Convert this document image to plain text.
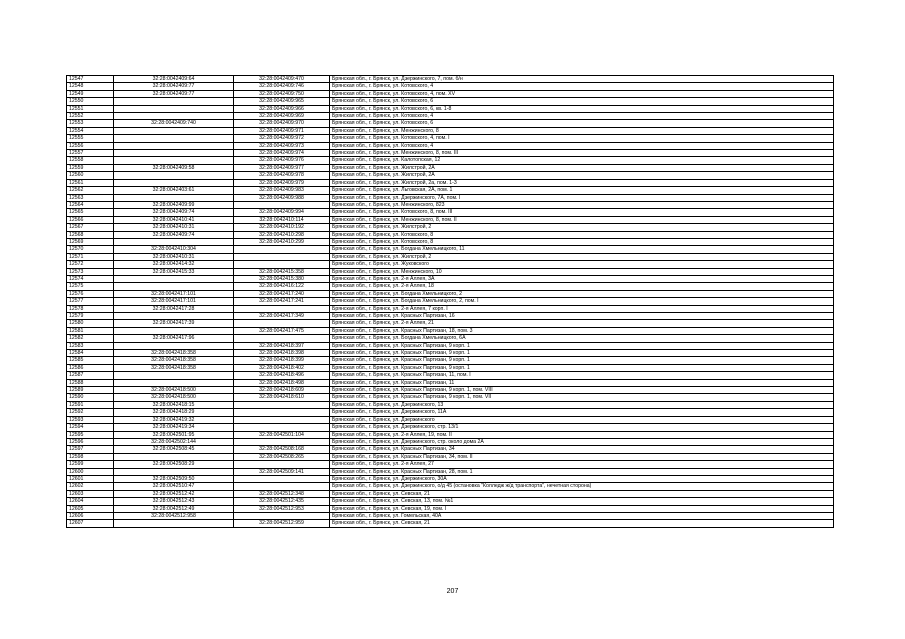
12547	32:28:0042409:64	32:28:0042409:470	Брянская обл., г. Брянск, ул. Дзержинского, 7, пом. б/н
12548	32:28:0042409:77	32:28:0042409:746	Брянская обл., г. Брянск, ул. Котовского, 4
12549	32:28:0042409:77	32:28:0042409:750	Брянская обл., г. Брянск, ул. Котовского, 4, пом. XV
12550		32:28:0042409:965	Брянская обл., г. Брянск, ул. Котовского, 6
12551		32:28:0042409:966	Брянская обл., г. Брянск, ул. Котовского, 6, кв. 1-8
12552		32:28:0042409:969	Брянская обл., г. Брянск, ул. Котовского, 4
12553	32:28:0042409:740	32:28:0042409:970	Брянская обл., г. Брянск, ул. Котовского, 6
12554		32:28:0042409:971	Брянская обл., г. Брянск, ул. Менжинского, 8
12555		32:28:0042409:972	Брянская обл., г. Брянск, ул. Котовского, 4, пом. I
12556		32:28:0042409:973	Брянская обл., г. Брянск, ул. Котовского, 4
12557		32:28:0042409:974	Брянская обл., г. Брянск, ул. Менжинского, 8, пом. III
12558		32:28:0042409:976	Брянская обл., г. Брянск, ул. Калотопская, 12
12559	32:28:0042409:58	32:28:0042409:977	Брянская обл., г. Брянск, ул. Жилстрой, 2А
12560		32:28:0042409:978	Брянская обл., г. Брянск, ул. Жилстрой, 2А
12561		32:28:0042409:979	Брянская обл., г. Брянск, ул. Жилстрой, 2а, пом. 1-3
12562	32:28:0042403:61	32:28:0042409:983	Брянская обл., г. Брянск, ул. Льговская, 2А, пом. 1
12563		32:28:0042409:988	Брянская обл., г. Брянск, ул. Дзержинского, 7А, пом. I
12564	32:28:0042409:99		Брянская обл., г. Брянск, ул. Менжинского, 823
12565	32:28:0042409:74	32:28:0042409:994	Брянская обл., г. Брянск, ул. Котовского, 8, пом. III
12566	32:28:0042410:41	32:28:0042410:114	Брянская обл., г. Брянск, ул. Менжинского, 8, пом. II
12567	32:28:0042410:31	32:28:0042410:192	Брянская обл., г. Брянск, ул. Жилстрой, 2
12568	32:28:0042409:74	32:28:0042410:298	Брянская обл., г. Брянск, ул. Котовского, 8
12569		32:28:0042410:299	Брянская обл., г. Брянск, ул. Котовского, 8
12570	32:28:0042410:304		Брянская обл., г. Брянск, ул. Богдана Хмельницкого, 11
12571	32:28:0042410:31		Брянская обл., г. Брянск, ул. Жилстрой, 2
12572	32:28:0042414:32		Брянская обл., г. Брянск, ул. Жуковского
12573	32:28:0042415:33	32:28:0042415:358	Брянская обл., г. Брянск, ул. Менжинского, 10
12574		32:28:0042415:380	Брянская обл., г. Брянск, ул. 2-я Аллея, 3А
12575		32:28:0042416:122	Брянская обл., г. Брянск, ул. 2-я Аллея, 18
12576	32:28:0042417:101	32:28:0042417:240	Брянская обл., г. Брянск, ул. Богдана Хмельницкого, 2
12577	32:28:0042417:101	32:28:0042417:241	Брянская обл., г. Брянск, ул. Богдана Хмельницкого, 2, пом. I
12578	32:28:0042417:28		Брянская обл., г. Брянск, ул. 2-я Аллея, 7 корп. I
12579		32:28:0042417:349	Брянская обл., г. Брянск, ул. Красных Партизан, 16
12580	32:28:0042417:39		Брянская обл., г. Брянск, ул. 2-я Аллея, 21
12581		32:28:0042417:475	Брянская обл., г. Брянск, ул. Красных Партизан, 18, пом. 3
12582	32:28:0042417:96		Брянская обл., г. Брянск, ул. Богдана Хмельницкого, 6А
12583		32:28:0042418:397	Брянская обл., г. Брянск, ул. Красных Партизан, 9 корп. 1
12584	32:28:0042418:358	32:28:0042418:398	Брянская обл., г. Брянск, ул. Красных Партизан, 9 корп. 1
12585	32:28:0042418:358	32:28:0042418:399	Брянская обл., г. Брянск, ул. Красных Партизан, 9 корп. 1
12586	32:28:0042418:358	32:28:0042418:402	Брянская обл., г. Брянск, ул. Красных Партизан, 9 корп. 1
12587		32:28:0042418:496	Брянская обл., г. Брянск, ул. Красных Партизан, 11, пом. I
12588		32:28:0042418:498	Брянская обл., г. Брянск, ул. Красных Партизан, 11
12589	32:28:0042418:500	32:28:0042418:609	Брянская обл., г. Брянск, ул. Красных Партизан, 9 корп. 1, пом. VIII
12590	32:28:0042418:500	32:28:0042418:610	Брянская обл., г. Брянск, ул. Красных Партизан, 9 корп. 1, пом. VII
12591	32:28:0042418:15		Брянская обл., г. Брянск, ул. Дзержинского, 13
12592	32:28:0042418:29		Брянская обл., г. Брянск, ул. Дзержинского, 11А
12593	32:28:0042419:32		Брянская обл., г. Брянск, ул. Дзержинского
12594	32:28:0042419:34		Брянская обл., г. Брянск, ул. Дзержинского, стр. 13/1
12595	32:28:0042501:95	32:28:0042501:104	Брянская обл., г. Брянск, ул. 2-я Аллея, 19, пом. II
12596	32:28:0042502:144		Брянская обл., г. Брянск, ул. Дзержинского, стр. около дома 2А
12597	32:28:0042508:45	32:28:0042508:168	Брянская обл., г. Брянск, ул. Красных Партизан, 34
12598		32:28:0042508:265	Брянская обл., г. Брянск, ул. Красных Партизан, 34, пом. II
12599	32:28:0042508:29		Брянская обл., г. Брянск, ул. 2-я Аллея, 27
12600		32:28:0042509:141	Брянская обл., г. Брянск, ул. Красных Партизан, 28, пом. 1
12601	32:28:0042509:50		Брянская обл., г. Брянск, ул. Дзержинского, 30А
12602	32:28:0042510:47		Брянская обл., г. Брянск, ул. Дзержинского, о/д 45 (остановка "Колледж ж/д транспорта", нечетная сторона)
12603	32:28:0042512:42	32:28:0042512:348	Брянская обл., г. Брянск, ул. Севская, 21
12604	32:28:0042512:43	32:28:0042512:435	Брянская обл., г. Брянск, ул. Севская, 13, пом. №1
12605	32:28:0042512:49	32:28:0042512:953	Брянская обл., г. Брянск, ул. Севская, 19, пом. I
12606	32:28:0042512:958		Брянская обл., г. Брянск, ул. Гомельская, 40А
12607		32:28:0042512:959	Брянская обл., г. Брянск, ул. Севская, 21
207
